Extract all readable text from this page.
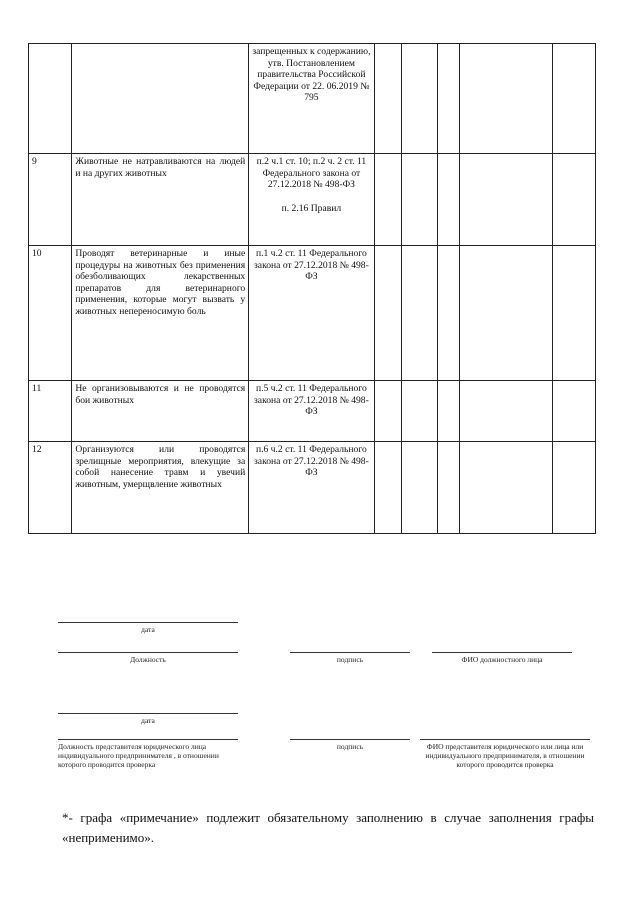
		запрещенных к содержанию, утв. Постановлением правительства Российской Федерации от 22. 06.2019 № 795					
9	Животные не натравливаются на людей и на других животных	п.2 ч.1 ст. 10; п.2 ч. 2 ст. 11 Федерального закона от 27.12.2018 № 498-ФЗ
п. 2.16 Правил					
10	Проводят ветеринарные и иные процедуры на животных без применения обезболивающих лекарственных препаратов для ветеринарного применения, которые могут вызвать у животных непереносимую боль	п.1 ч.2 ст. 11 Федерального закона от 27.12.2018 № 498-ФЗ					
11	Не организовываются и не проводятся бои животных	п.5 ч.2 ст. 11 Федерального закона от 27.12.2018 № 498-ФЗ					
12	Организуются или проводятся зрелищные мероприятия, влекущие за собой нанесение травм и увечий животным, умерщвление животных	п.6 ч.2 ст. 11 Федерального закона от 27.12.2018 № 498-ФЗ					
дата
Должность	подпись	ФИО должностного лица
дата
Должность представителя юридического лица индивидуального предпринимателя , в отношении которого проводится проверка
подпись	ФИО представителя юридического или лица или индивидуального предпринимателя, в отношении которого проводится проверка
*- графа «примечание» подлежит обязательному заполнению в случае заполнения графы «неприменимо».
